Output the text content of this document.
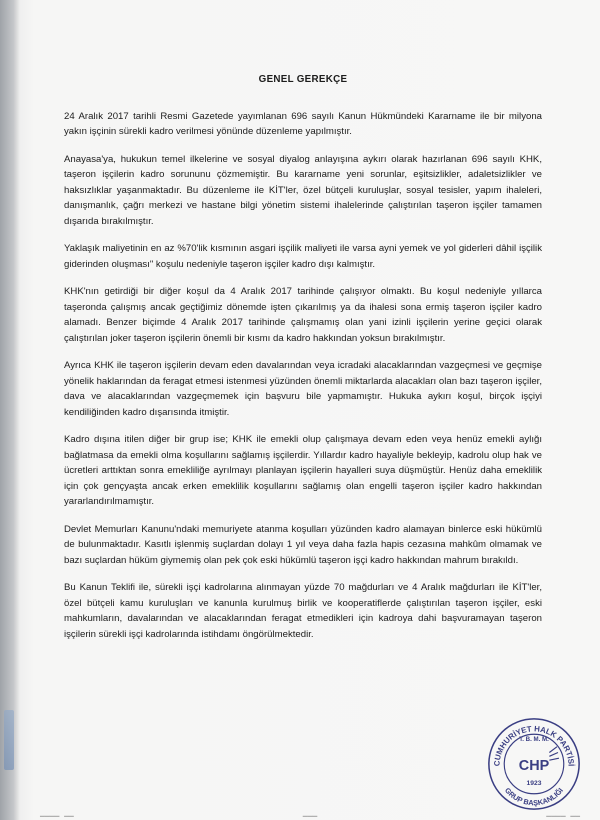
GENEL GEREKÇE

24 Aralık 2017 tarihli Resmi Gazetede yayımlanan 696 sayılı Kanun Hükmündeki Kararname ile bir milyona yakın işçinin sürekli kadro verilmesi yönünde düzenleme yapılmıştır.

Anayasa'ya, hukukun temel ilkelerine ve sosyal diyalog anlayışına aykırı olarak hazırlanan 696 sayılı KHK, taşeron işçilerin kadro sorununu çözmemiştir. Bu kararname yeni sorunlar, eşitsizlikler, adaletsizlikler ve haksızlıklar yaşanmaktadır. Bu düzenleme ile KİT'ler, özel bütçeli kuruluşlar, sosyal tesisler, yapım ihaleleri, danışmanlık, çağrı merkezi ve hastane bilgi yönetim sistemi ihalelerinde çalıştırılan taşeron işçiler tamamen dışarıda bırakılmıştır.

Yaklaşık maliyetinin en az %70'lik kısmının asgari işçilik maliyeti ile varsa ayni yemek ve yol giderleri dâhil işçilik giderinden oluşması" koşulu nedeniyle taşeron işçiler kadro dışı kalmıştır.

KHK'nın getirdiği bir diğer koşul da 4 Aralık 2017 tarihinde çalışıyor olmaktı. Bu koşul nedeniyle yıllarca taşeronda çalışmış ancak geçtiğimiz dönemde işten çıkarılmış ya da ihalesi sona ermiş taşeron işçiler kadro alamadı. Benzer biçimde 4 Aralık 2017 tarihinde çalışmamış olan yani izinli işçilerin yerine geçici olarak çalıştırılan joker taşeron işçilerin önemli bir kısmı da kadro hakkından yoksun bırakılmıştır.

Ayrıca KHK ile taşeron işçilerin devam eden davalarından veya icradaki alacaklarından vazgeçmesi ve geçmişe yönelik haklarından da feragat etmesi istenmesi yüzünden önemli miktarlarda alacakları olan bazı taşeron işçiler, dava ve alacaklarından vazgeçmemek için başvuru bile yapmamıştır. Hukuka aykırı koşul, birçok işçiyi kendiliğinden kadro dışarısında itmiştir.

Kadro dışına itilen diğer bir grup ise; KHK ile emekli olup çalışmaya devam eden veya henüz emekli aylığı bağlatmasa da emekli olma koşullarını sağlamış işçilerdir. Yıllardır kadro hayaliyle bekleyip, kadrolu olup hak ve ücretleri arttıktan sonra emekliliğe ayrılmayı planlayan işçilerin hayalleri suya düşmüştür. Henüz daha emeklilik için çok gençyaşta ancak erken emeklilik koşullarını sağlamış olan engelli taşeron işçiler kadro hakkından yararlandırılmamıştır.

Devlet Memurları Kanunu'ndaki memuriyete atanma koşulları yüzünden kadro alamayan binlerce eski hükümlü de bulunmaktadır. Kasıtlı işlenmiş suçlardan dolayı 1 yıl veya daha fazla hapis cezasına mahkûm olmamak ve bazı suçlardan hüküm giymemiş olan pek çok eski hükümlü taşeron işçi kadro hakkından mahrum bırakıldı.

Bu Kanun Teklifi ile, sürekli işçi kadrolarına alınmayan yüzde 70 mağdurları ve 4 Aralık mağdurları ile KİT'ler, özel bütçeli kamu kuruluşları ve kanunla kurulmuş birlik ve kooperatiflerde çalıştırılan taşeron işçiler, eski mahkumların, davalarından ve alacaklarından feragat etmedikleri için kadroya dahi başvuramayan taşeron işçilerin sürekli işçi kadrolarında istihdamı öngörülmektedir.

CUMHURİYET HALK PARTİSİ
GRUP BAŞKANLIĞI
T. B. M. M.
CHP
1923
▁▁▁▁ ▁▁	▁▁▁	▁▁▁▁ ▁▁
